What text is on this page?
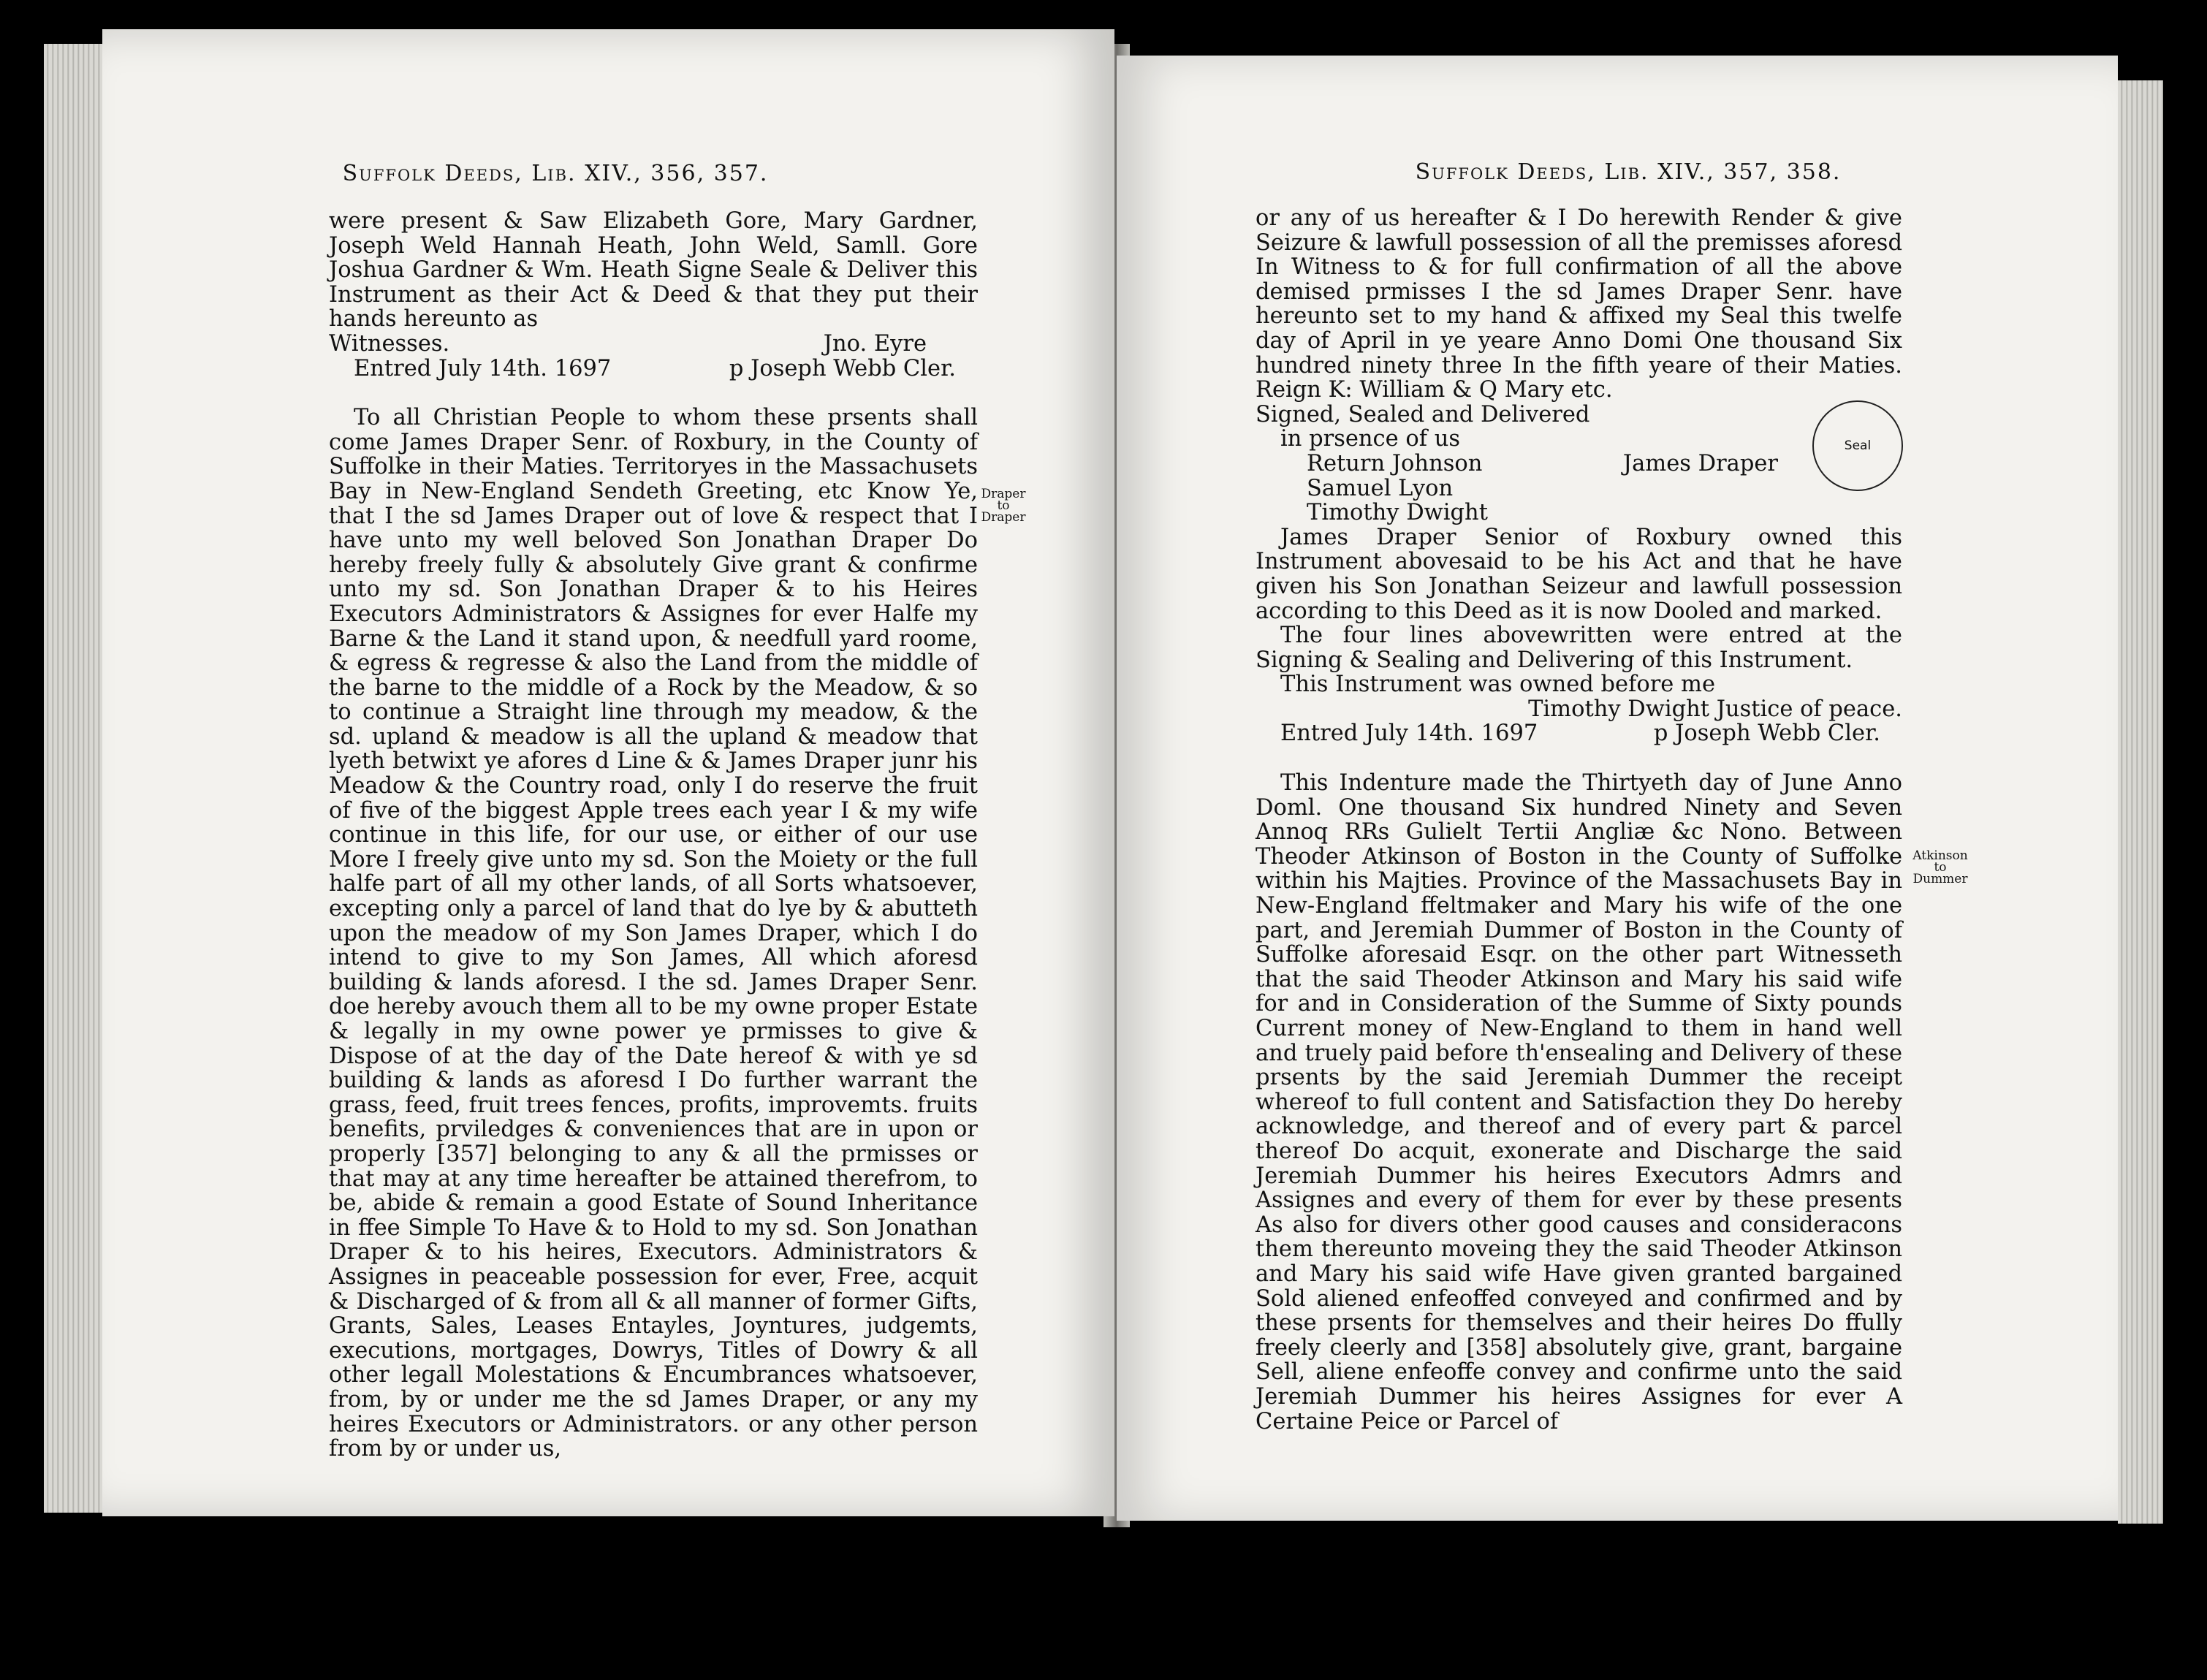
Suffolk Deeds, Lib. XIV., 356, 357.

were present & Saw Elizabeth Gore, Mary Gardner, Joseph Weld Hannah Heath, John Weld, Samll. Gore Joshua Gardner & Wm. Heath Signe Seale & Deliver this Instrument as their Act & Deed & that they put their hands hereunto as

Witnesses.	Jno. Eyre
Entred July 14th. 1697	p Joseph Webb Cler.

To all Christian People to whom these prsents shall come James Draper Senr. of Roxbury, in the County of Suffolke in their Maties. Territoryes in the Massachusets Bay in New-England Sendeth Greeting, etc Know Ye, that I the sd James Draper out of love & respect that I have unto my well beloved Son Jonathan Draper Do hereby freely fully & absolutely Give grant & confirme unto my sd. Son Jonathan Draper & to his Heires Executors Administrators & Assignes for ever Halfe my Barne & the Land it stand upon, & needfull yard roome, & egress & regresse & also the Land from the middle of the barne to the middle of a Rock by the Meadow, & so to continue a Straight line through my meadow, & the sd. upland & meadow is all the upland & meadow that lyeth betwixt ye afores d Line & & James Draper junr his Meadow & the Country road, only I do reserve the fruit of five of the biggest Apple trees each year I & my wife continue in this life, for our use, or either of our use More I freely give unto my sd. Son the Moiety or the full halfe part of all my other lands, of all Sorts whatsoever, excepting only a parcel of land that do lye by & abutteth upon the meadow of my Son James Draper, which I do intend to give to my Son James, All which aforesd building & lands aforesd. I the sd. James Draper Senr. doe hereby avouch them all to be my owne proper Estate & legally in my owne power ye prmisses to give & Dispose of at the day of the Date hereof & with ye sd building & lands as aforesd I Do further warrant the grass, feed, fruit trees fences, profits, improvemts. fruits benefits, prviledges & conveniences that are in upon or properly [357] belonging to any & all the prmisses or that may at any time hereafter be attained therefrom, to be, abide & remain a good Estate of Sound Inheritance in ffee Simple To Have & to Hold to my sd. Son Jonathan Draper & to his heires, Executors. Administrators & Assignes in peaceable possession for ever, Free, acquit & Discharged of & from all & all manner of former Gifts, Grants, Sales, Leases Entayles, Joyntures, judgemts, executions, mortgages, Dowrys, Titles of Dowry & all other legall Molestations & Encumbrances whatsoever, from, by or under me the sd James Draper, or any my heires Executors or Administrators. or any other person from by or under us,

Draper
to
Draper
Suffolk Deeds, Lib. XIV., 357, 358.

or any of us hereafter & I Do herewith Render & give Seizure & lawfull possession of all the premisses aforesd In Witness to & for full confirmation of all the above demised prmisses I the sd James Draper Senr. have hereunto set to my hand & affixed my Seal this twelfe day of April in ye yeare Anno Domi One thousand Six hundred ninety three In the fifth yeare of their Maties. Reign K: William & Q Mary etc.

Signed, Sealed and Delivered

in prsence of us

Return Johnson	James Draper

Samuel Lyon

Timothy Dwight

James Draper Senior of Roxbury owned this Instrument abovesaid to be his Act and that he have given his Son Jonathan Seizeur and lawfull possession according to this Deed as it is now Dooled and marked.

The four lines abovewritten were entred at the Signing & Sealing and Delivering of this Instrument.

This Instrument was owned before me

Timothy Dwight Justice of peace.

Entred July 14th. 1697	p Joseph Webb Cler.

This Indenture made the Thirtyeth day of June Anno Doml. One thousand Six hundred Ninety and Seven Annoq RRs Gulielt Tertii Angliæ &c Nono. Between Theoder Atkinson of Boston in the County of Suffolke within his Majties. Province of the Massachusets Bay in New-England ffeltmaker and Mary his wife of the one part, and Jeremiah Dummer of Boston in the County of Suffolke aforesaid Esqr. on the other part Witnesseth that the said Theoder Atkinson and Mary his said wife for and in Consideration of the Summe of Sixty pounds Current money of New-England to them in hand well and truely paid before th'ensealing and Delivery of these prsents by the said Jeremiah Dummer the receipt whereof to full content and Satisfaction they Do hereby acknowledge, and thereof and of every part & parcel thereof Do acquit, exonerate and Discharge the said Jeremiah Dummer his heires Executors Admrs and Assignes and every of them for ever by these presents As also for divers other good causes and consideracons them thereunto moveing they the said Theoder Atkinson and Mary his said wife Have given granted bargained Sold aliened enfeoffed conveyed and confirmed and by these prsents for themselves and their heires Do ffully freely cleerly and [358] absolutely give, grant, bargaine Sell, aliene enfeoffe convey and confirme unto the said Jeremiah Dummer his heires Assignes for ever A Certaine Peice or Parcel of

Seal
Atkinson
to
Dummer
